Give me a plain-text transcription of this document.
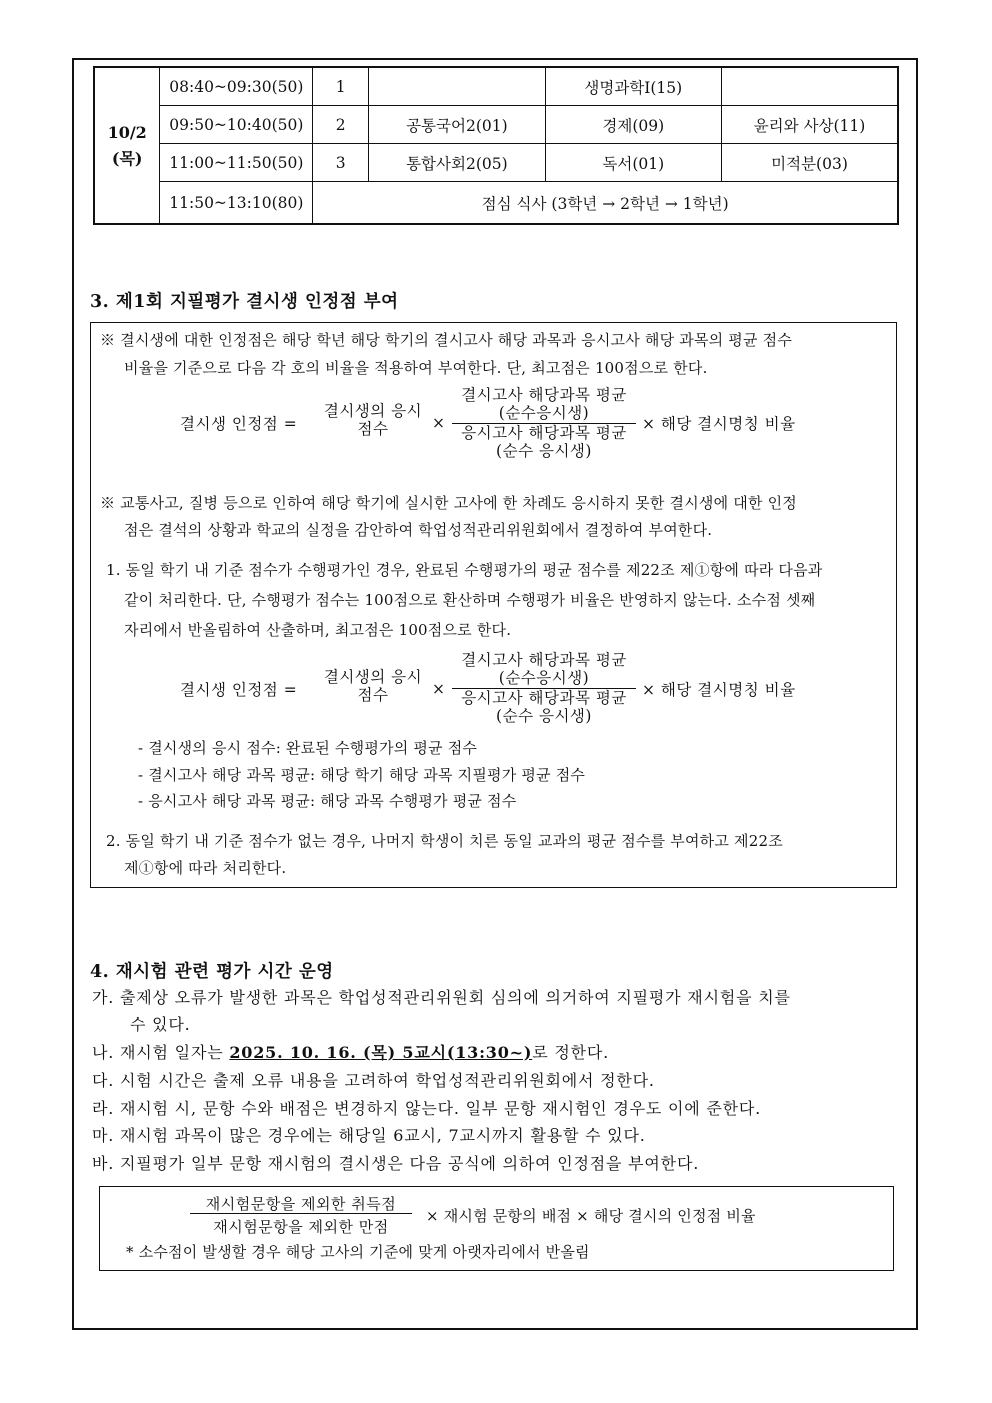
10/2
(목)	08:40~09:30(50)	1		생명과학Ⅰ(15)	
	09:50~10:40(50)	2	공통국어2(01)	경제(09)	윤리와 사상(11)
	11:00~11:50(50)	3	통합사회2(05)	독서(01)	미적분(03)
	11:50~13:10(80)	점심 식사 (3학년 → 2학년 → 1학년)			
3. 제1회 지필평가 결시생 인정점 부여
※ 결시생에 대한 인정점은 해당 학년 해당 학기의 결시고사 해당 과목과 응시고사 해당 과목의 평균 점수
비율을 기준으로 다음 각 호의 비율을 적용하여 부여한다. 단, 최고점은 100점으로 한다.
결시생 인정점 =
결시생의 응시
점수	×
결시고사 해당과목 평균
(순수응시생)
응시고사 해당과목 평균
(순수 응시생)
× 해당 결시명칭 비율
※ 교통사고, 질병 등으로 인하여 해당 학기에 실시한 고사에 한 차례도 응시하지 못한 결시생에 대한 인정
점은 결석의 상황과 학교의 실정을 감안하여 학업성적관리위원회에서 결정하여 부여한다.
1. 동일 학기 내 기준 점수가 수행평가인 경우, 완료된 수행평가의 평균 점수를 제22조 제①항에 따라 다음과
같이 처리한다. 단, 수행평가 점수는 100점으로 환산하며 수행평가 비율은 반영하지 않는다. 소수점 셋째
자리에서 반올림하여 산출하며, 최고점은 100점으로 한다.
결시생 인정점 =
결시생의 응시
점수	×
결시고사 해당과목 평균
(순수응시생)
응시고사 해당과목 평균
(순수 응시생)
× 해당 결시명칭 비율
- 결시생의 응시 점수: 완료된 수행평가의 평균 점수
- 결시고사 해당 과목 평균: 해당 학기 해당 과목 지필평가 평균 점수
- 응시고사 해당 과목 평균: 해당 과목 수행평가 평균 점수
2. 동일 학기 내 기준 점수가 없는 경우, 나머지 학생이 치른 동일 교과의 평균 점수를 부여하고 제22조
제①항에 따라 처리한다.
4. 재시험 관련 평가 시간 운영
가. 출제상 오류가 발생한 과목은 학업성적관리위원회 심의에 의거하여 지필평가 재시험을 치를
수 있다.
나. 재시험 일자는 2025. 10. 16. (목) 5교시(13:30~)로 정한다.
다. 시험 시간은 출제 오류 내용을 고려하여 학업성적관리위원회에서 정한다.
라. 재시험 시, 문항 수와 배점은 변경하지 않는다. 일부 문항 재시험인 경우도 이에 준한다.
마. 재시험 과목이 많은 경우에는 해당일 6교시, 7교시까지 활용할 수 있다.
바. 지필평가 일부 문항 재시험의 결시생은 다음 공식에 의하여 인정점을 부여한다.
재시험문항을 제외한 취득점
재시험문항을 제외한 만점
× 재시험 문항의 배점 × 해당 결시의 인정점 비율
* 소수점이 발생할 경우 해당 고사의 기준에 맞게 아랫자리에서 반올림
